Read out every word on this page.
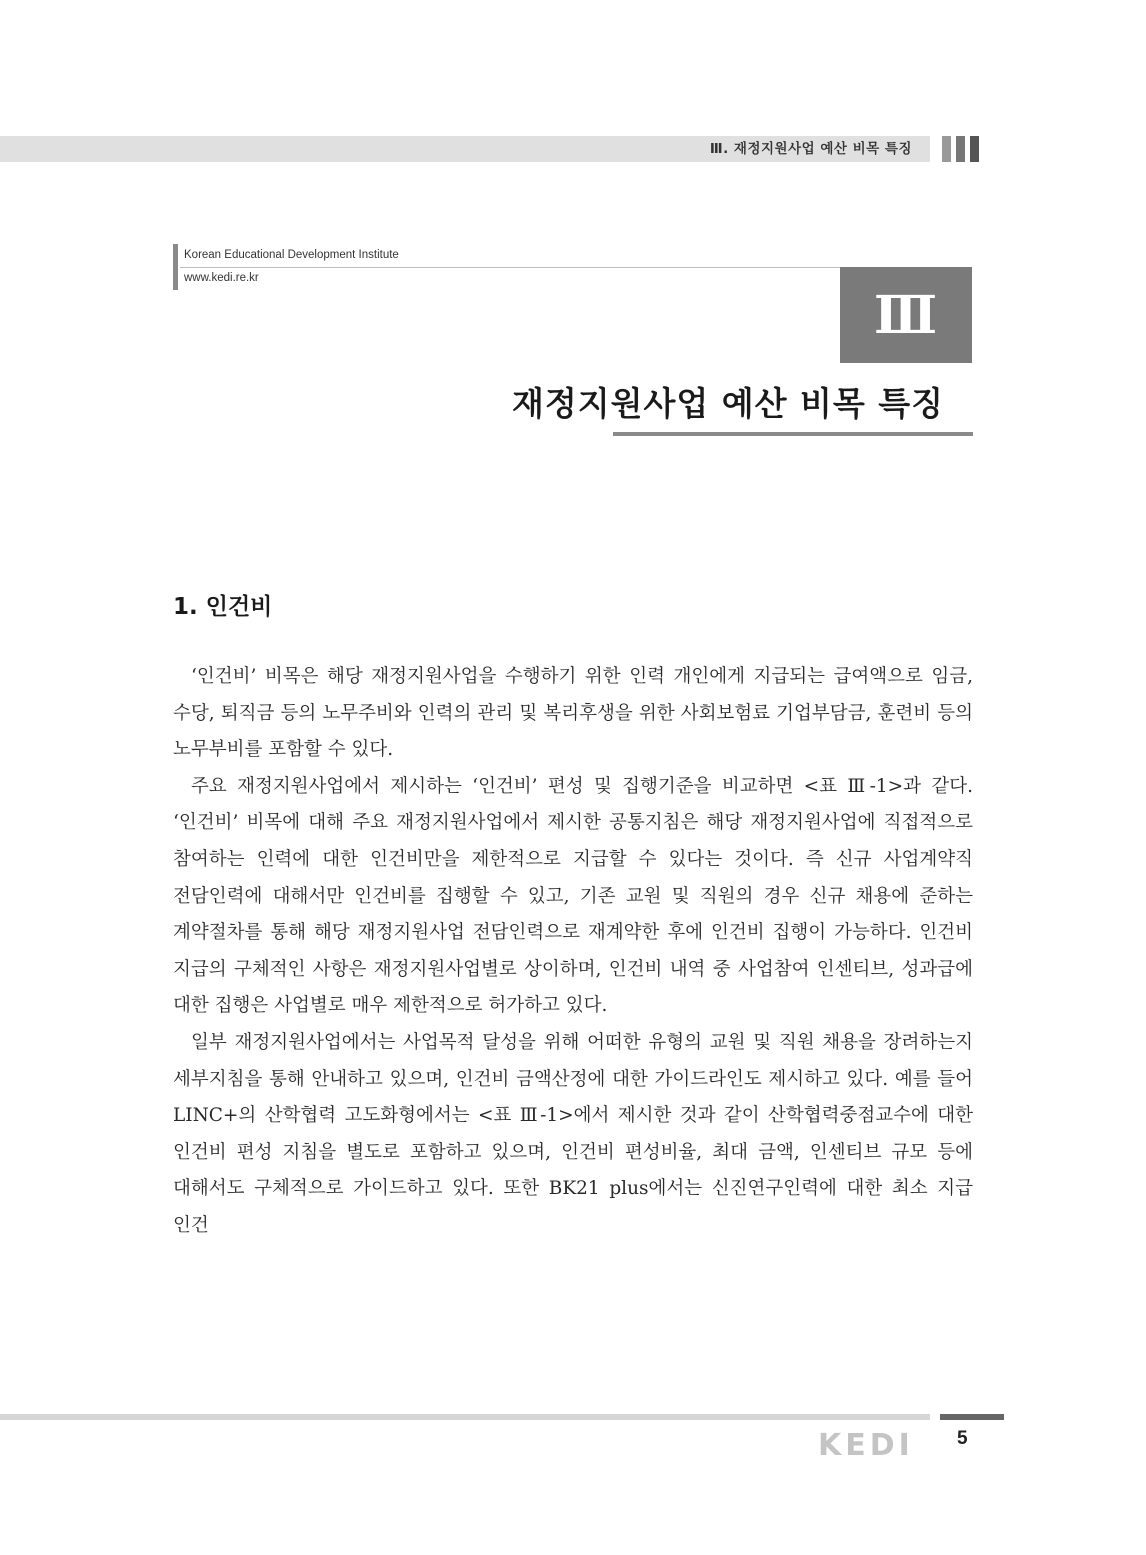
Ⅲ. 재정지원사업 예산 비목 특징
Korean Educational Development Institute
www.kedi.re.kr
Ⅲ
재정지원사업 예산 비목 특징
1. 인건비

‘인건비’ 비목은 해당 재정지원사업을 수행하기 위한 인력 개인에게 지급되는 급여액으로 임금, 수당, 퇴직금 등의 노무주비와 인력의 관리 및 복리후생을 위한 사회보험료 기업부담금, 훈련비 등의 노무부비를 포함할 수 있다.

주요 재정지원사업에서 제시하는 ‘인건비’ 편성 및 집행기준을 비교하면 <표 Ⅲ-1>과 같다. ‘인건비’ 비목에 대해 주요 재정지원사업에서 제시한 공통지침은 해당 재정지원사업에 직접적으로 참여하는 인력에 대한 인건비만을 제한적으로 지급할 수 있다는 것이다. 즉 신규 사업계약직 전담인력에 대해서만 인건비를 집행할 수 있고, 기존 교원 및 직원의 경우 신규 채용에 준하는 계약절차를 통해 해당 재정지원사업 전담인력으로 재계약한 후에 인건비 집행이 가능하다. 인건비 지급의 구체적인 사항은 재정지원사업별로 상이하며, 인건비 내역 중 사업참여 인센티브, 성과급에 대한 집행은 사업별로 매우 제한적으로 허가하고 있다.

일부 재정지원사업에서는 사업목적 달성을 위해 어떠한 유형의 교원 및 직원 채용을 장려하는지 세부지침을 통해 안내하고 있으며, 인건비 금액산정에 대한 가이드라인도 제시하고 있다. 예를 들어 LINC+의 산학협력 고도화형에서는 <표 Ⅲ-1>에서 제시한 것과 같이 산학협력중점교수에 대한 인건비 편성 지침을 별도로 포함하고 있으며, 인건비 편성비율, 최대 금액, 인센티브 규모 등에 대해서도 구체적으로 가이드하고 있다. 또한 BK21 plus에서는 신진연구인력에 대한 최소 지급 인건

KEDI 5
